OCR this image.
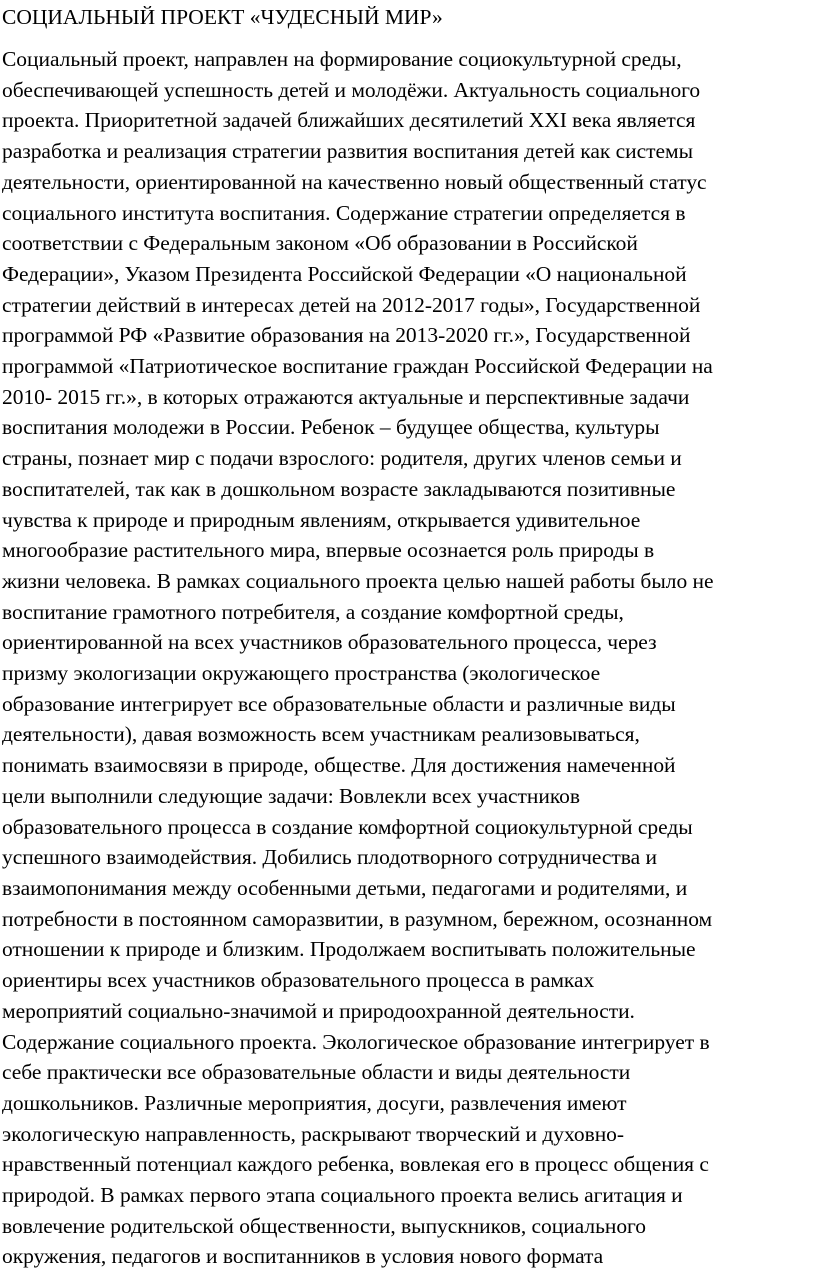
СОЦИАЛЬНЫЙ ПРОЕКТ «ЧУДЕСНЫЙ МИР»
Социальный проект, направлен на формирование социокультурной среды,
обеспечивающей успешность детей и молодёжи. Актуальность социального
проекта. Приоритетной задачей ближайших десятилетий XXI века является
разработка и реализация стратегии развития воспитания детей как системы
деятельности, ориентированной на качественно новый общественный статус
социального института воспитания. Содержание стратегии определяется в
соответствии с Федеральным законом «Об образовании в Российской
Федерации», Указом Президента Российской Федерации «О национальной
стратегии действий в интересах детей на 2012-2017 годы», Государственной
программой РФ «Развитие образования на 2013-2020 гг.», Государственной
программой «Патриотическое воспитание граждан Российской Федерации на
2010- 2015 гг.», в которых отражаются актуальные и перспективные задачи
воспитания молодежи в России. Ребенок – будущее общества, культуры
страны, познает мир с подачи взрослого: родителя, других членов семьи и
воспитателей, так как в дошкольном возрасте закладываются позитивные
чувства к природе и природным явлениям, открывается удивительное
многообразие растительного мира, впервые осознается роль природы в
жизни человека. В рамках социального проекта целью нашей работы было не
воспитание грамотного потребителя, а создание комфортной среды,
ориентированной на всех участников образовательного процесса, через
призму экологизации окружающего пространства (экологическое
образование интегрирует все образовательные области и различные виды
деятельности), давая возможность всем участникам реализовываться,
понимать взаимосвязи в природе, обществе. Для достижения намеченной
цели выполнили следующие задачи: Вовлекли всех участников
образовательного процесса в создание комфортной социокультурной среды
успешного взаимодействия. Добились плодотворного сотрудничества и
взаимопонимания между особенными детьми, педагогами и родителями, и
потребности в постоянном саморазвитии, в разумном, бережном, осознанном
отношении к природе и близким. Продолжаем воспитывать положительные
ориентиры всех участников образовательного процесса в рамках
мероприятий социально-значимой и природоохранной деятельности.
Содержание социального проекта. Экологическое образование интегрирует в
себе практически все образовательные области и виды деятельности
дошкольников. Различные мероприятия, досуги, развлечения имеют
экологическую направленность, раскрывают творческий и духовно-
нравственный потенциал каждого ребенка, вовлекая его в процесс общения с
природой. В рамках первого этапа социального проекта велись агитация и
вовлечение родительской общественности, выпускников, социального
окружения, педагогов и воспитанников в условия нового формата
